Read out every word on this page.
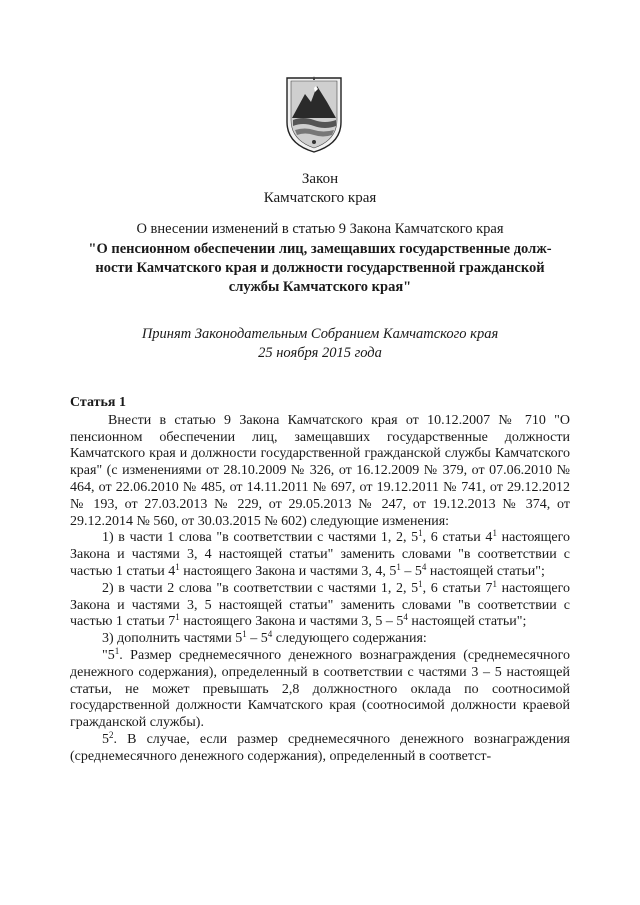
Закон
Камчатского края
О внесении изменений в статью 9 Закона Камчатского края
"О пенсионном обеспечении лиц, замещавших государственные долж-
ности Камчатского края и должности государственной гражданской
службы Камчатского края"
Принят Законодательным Собранием Камчатского края
25 ноября 2015 года
Статья 1

Внести в статью 9 Закона Камчатского края от 10.12.2007 № 710 "О пенсионном обеспечении лиц, замещавших государственные должности Камчатского края и должности государственной гражданской службы Камчатского края" (с изменениями от 28.10.2009 № 326, от 16.12.2009 № 379, от 07.06.2010 № 464, от 22.06.2010 № 485, от 14.11.2011 № 697, от 19.12.2011 № 741, от 29.12.2012 № 193, от 27.03.2013 № 229, от 29.05.2013 № 247, от 19.12.2013 № 374, от 29.12.2014 № 560, от 30.03.2015 № 602) следующие изменения:

1) в части 1 слова "в соответствии с частями 1, 2, $5^1$, 6 статьи $4^1$ настоящего Закона и частями 3, 4 настоящей статьи" заменить словами "в соответствии с частью 1 статьи $4^1$ настоящего Закона и частями 3, 4, $5^1 - 5^4$ настоящей статьи";

2) в части 2 слова "в соответствии с частями 1, 2, $5^1$, 6 статьи $7^1$ настоящего Закона и частями 3, 5 настоящей статьи" заменить словами "в соответствии с частью 1 статьи $7^1$ настоящего Закона и частями 3, $5 - 5^4$ настоящей статьи";

3) дополнить частями $5^1 - 5^4$ следующего содержания:

"$5^1$. Размер среднемесячного денежного вознаграждения (среднемесячного денежного содержания), определенный в соответствии с частями 3 – 5 настоящей статьи, не может превышать 2,8 должностного оклада по соотносимой государственной должности Камчатского края (соотносимой должности краевой гражданской службы).

$5^2$. В случае, если размер среднемесячного денежного вознаграждения (среднемесячного денежного содержания), определенный в соответст-
